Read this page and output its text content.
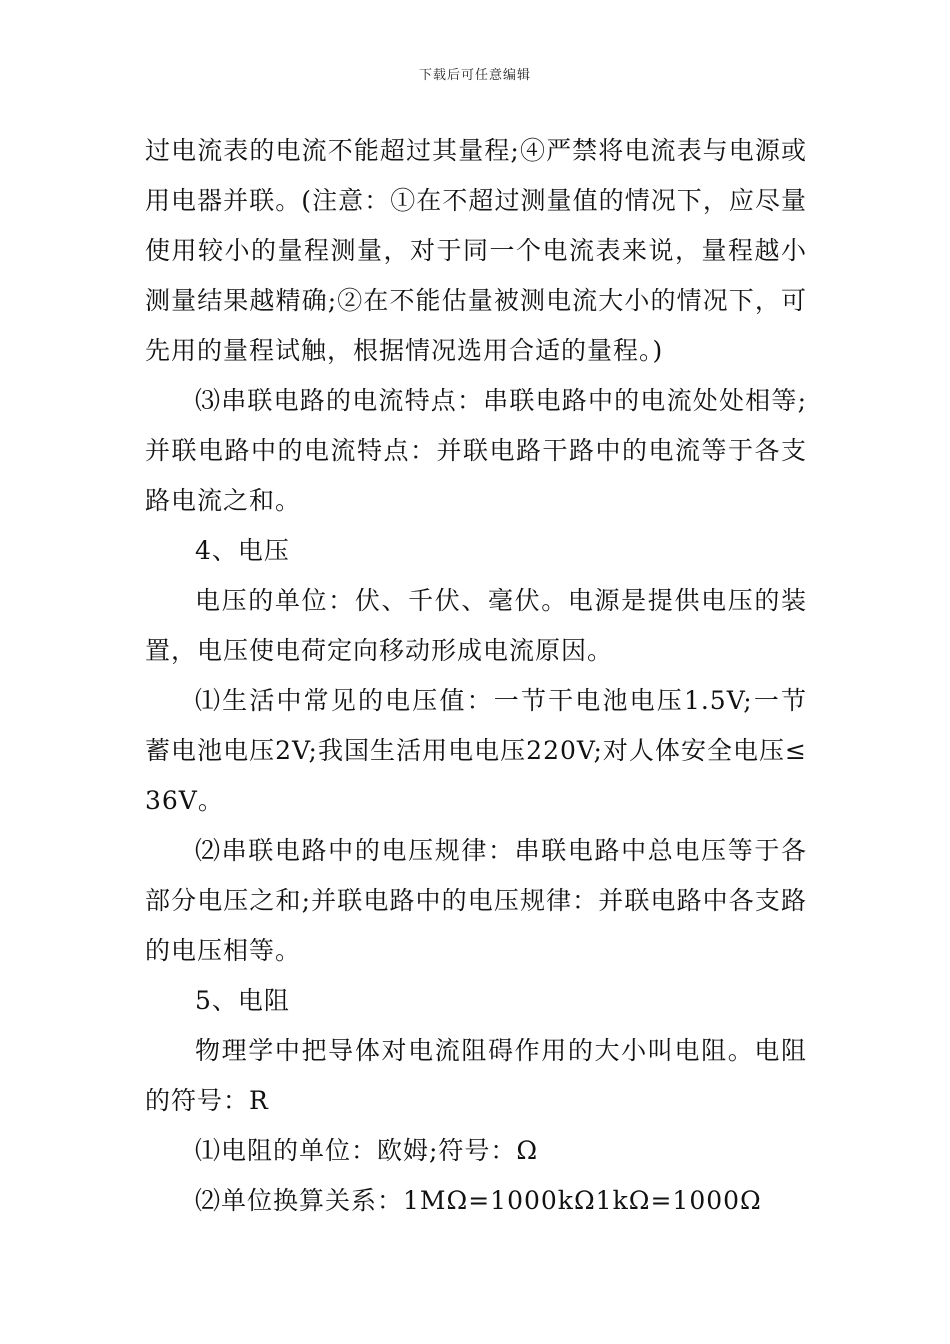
下载后可任意编辑

过电流表的电流不能超过其量程;④严禁将电流表与电源或用电器并联。(注意：①在不超过测量值的情况下，应尽量使用较小的量程测量，对于同一个电流表来说，量程越小测量结果越精确;②在不能估量被测电流大小的情况下，可先用的量程试触，根据情况选用合适的量程。)

⑶串联电路的电流特点：串联电路中的电流处处相等;并联电路中的电流特点：并联电路干路中的电流等于各支路电流之和。

4、电压

电压的单位：伏、千伏、毫伏。电源是提供电压的装置，电压使电荷定向移动形成电流原因。

⑴生活中常见的电压值：一节干电池电压1.5V;一节蓄电池电压2V;我国生活用电电压220V;对人体安全电压≤36V。

⑵串联电路中的电压规律：串联电路中总电压等于各部分电压之和;并联电路中的电压规律：并联电路中各支路的电压相等。

5、电阻

物理学中把导体对电流阻碍作用的大小叫电阻。电阻的符号：R

⑴电阻的单位：欧姆;符号：Ω

⑵单位换算关系：1MΩ=1000kΩ1kΩ=1000Ω
